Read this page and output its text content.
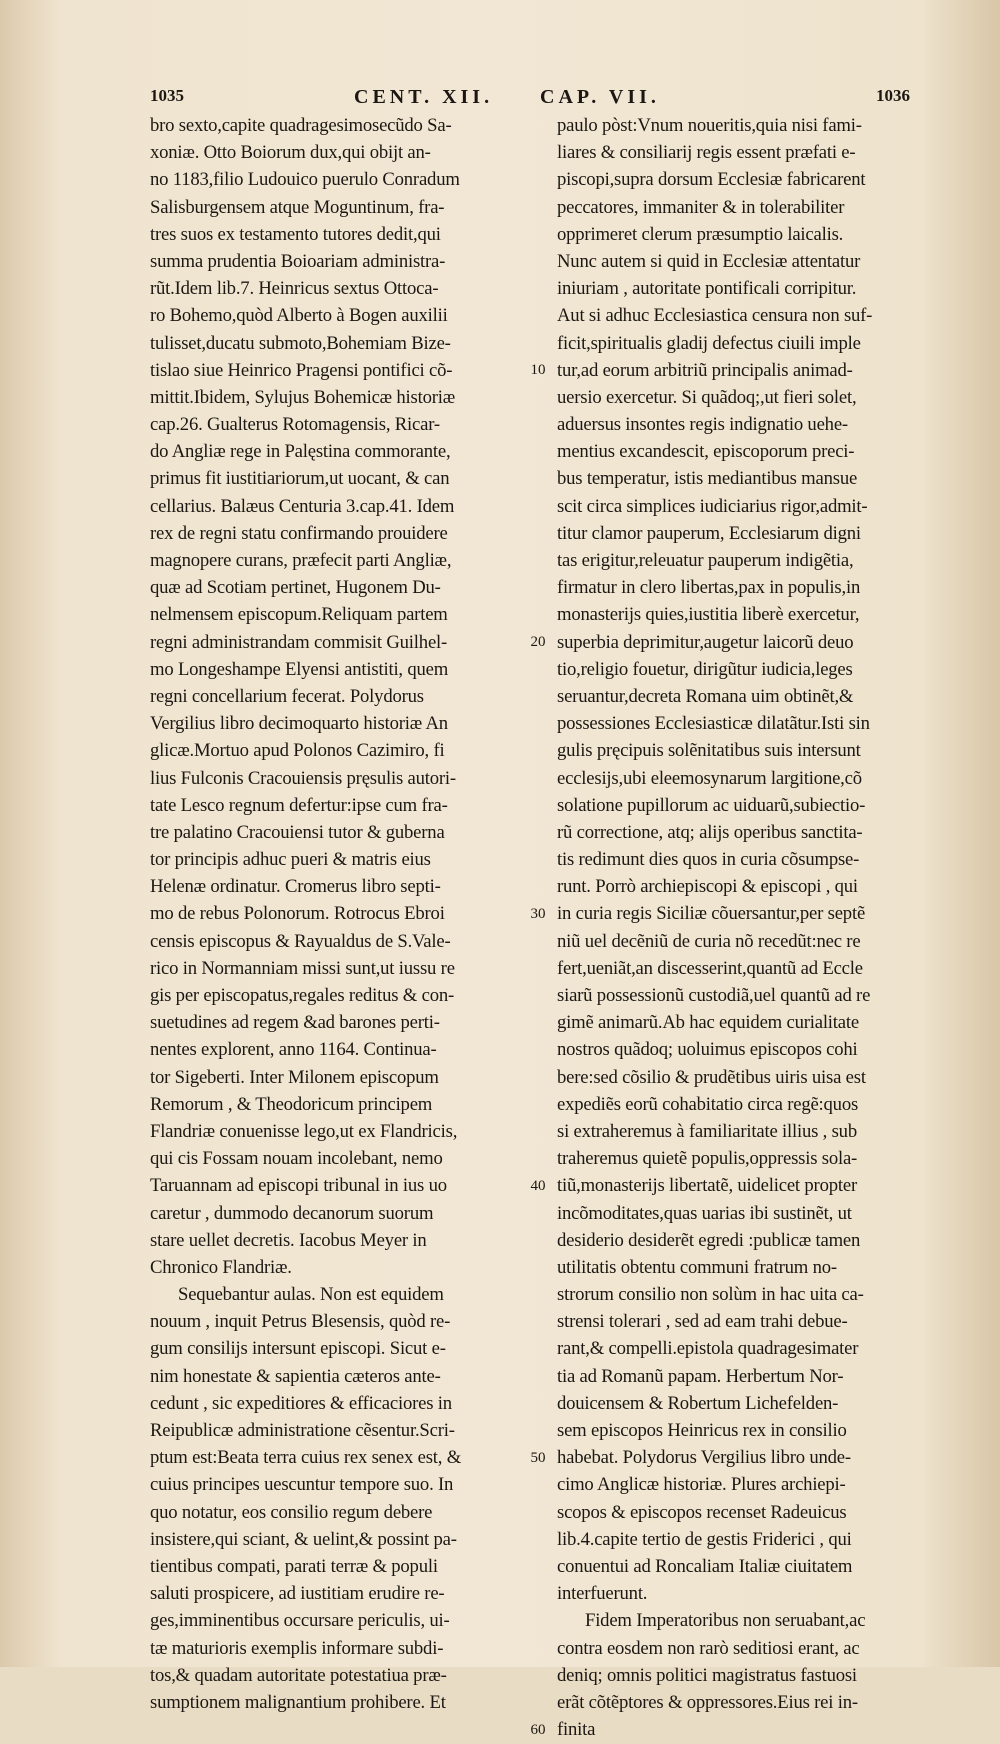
1035	CENT. XII. CAP. VII.	1036
bro sexto,capite quadragesimosecũdo Sa-
xoniæ. Otto Boiorum dux,qui obijt an-
no 1183,filio Ludouico puerulo Conradum
Salisburgensem atque Moguntinum, fra-
tres suos ex testamento tutores dedit,qui
summa prudentia Boioariam administra-
rũt.Idem lib.7. Heinricus sextus Ottoca-
ro Bohemo,quòd Alberto à Bogen auxilii
tulisset,ducatu submoto,Bohemiam Bize-
tislao siue Heinrico Pragensi pontifici cõ-
mittit.Ibidem, Sylujus Bohemicæ historiæ
cap.26. Gualterus Rotomagensis, Ricar-
do Angliæ rege in Palęstina commorante,
primus fit iustitiariorum,ut uocant, & can
cellarius. Balæus Centuria 3.cap.41. Idem
rex de regni statu confirmando prouidere
magnopere curans, præfecit parti Angliæ,
quæ ad Scotiam pertinet, Hugonem Du-
nelmensem episcopum.Reliquam partem
regni administrandam commisit Guilhel-
mo Longeshampe Elyensi antistiti, quem
regni concellarium fecerat. Polydorus
Vergilius libro decimoquarto historiæ An
glicæ.Mortuo apud Polonos Cazimiro, fi
lius Fulconis Cracouiensis pręsulis autori-
tate Lesco regnum defertur:ipse cum fra-
tre palatino Cracouiensi tutor & guberna
tor principis adhuc pueri & matris eius
Helenæ ordinatur. Cromerus libro septi-
mo de rebus Polonorum. Rotrocus Ebroi
censis episcopus & Rayualdus de S.Vale-
rico in Normanniam missi sunt,ut iussu re
gis per episcopatus,regales reditus & con-
suetudines ad regem &ad barones perti-
nentes explorent, anno 1164. Continua-
tor Sigeberti. Inter Milonem episcopum
Remorum , & Theodoricum principem
Flandriæ conuenisse lego,ut ex Flandricis,
qui cis Fossam nouam incolebant, nemo
Taruannam ad episcopi tribunal in ius uo
caretur , dummodo decanorum suorum
stare uellet decretis. Iacobus Meyer in
Chronico Flandriæ.
Sequebantur aulas. Non est equidem
nouum , inquit Petrus Blesensis, quòd re-
gum consilijs intersunt episcopi. Sicut e-
nim honestate & sapientia cæteros ante-
cedunt , sic expeditiores & efficaciores in
Reipublicæ administratione cẽsentur.Scri-
ptum est:Beata terra cuius rex senex est, &
cuius principes uescuntur tempore suo. In
quo notatur, eos consilio regum debere
insistere,qui sciant, & uelint,& possint pa-
tientibus compati, parati terræ & populi
saluti prospicere, ad iustitiam erudire re-
ges,imminentibus occursare periculis, ui-
tæ maturioris exemplis informare subdi-
tos,& quadam autoritate potestatiua præ-
sumptionem malignantium prohibere. Et
10
20
30
40
50
60
paulo pòst:Vnum noueritis,quia nisi fami-
liares & consiliarij regis essent præfati e-
piscopi,supra dorsum Ecclesiæ fabricarent
peccatores, immaniter & in tolerabiliter
opprimeret clerum præsumptio laicalis.
Nunc autem si quid in Ecclesiæ attentatur
iniuriam , autoritate pontificali corripitur.
Aut si adhuc Ecclesiastica censura non suf-
ficit,spiritualis gladij defectus ciuili imple
tur,ad eorum arbitriũ principalis animad-
uersio exercetur. Si quãdoq;,ut fieri solet,
aduersus insontes regis indignatio uehe-
mentius excandescit, episcoporum preci-
bus temperatur, istis mediantibus mansue
scit circa simplices iudiciarius rigor,admit-
titur clamor pauperum, Ecclesiarum digni
tas erigitur,releuatur pauperum indigẽtia,
firmatur in clero libertas,pax in populis,in
monasterijs quies,iustitia liberè exercetur,
superbia deprimitur,augetur laicorũ deuo
tio,religio fouetur, dirigũtur iudicia,leges
seruantur,decreta Romana uim obtinẽt,&
possessiones Ecclesiasticæ dilatãtur.Isti sin
gulis pręcipuis solẽnitatibus suis intersunt
ecclesijs,ubi eleemosynarum largitione,cõ
solatione pupillorum ac uiduarũ,subiectio-
rũ correctione, atq; alijs operibus sanctita-
tis redimunt dies quos in curia cõsumpse-
runt. Porrò archiepiscopi & episcopi , qui
in curia regis Siciliæ cõuersantur,per septẽ
niũ uel decẽniũ de curia nõ recedũt:nec re
fert,ueniãt,an discesserint,quantũ ad Eccle
siarũ possessionũ custodiã,uel quantũ ad re
gimẽ animarũ.Ab hac equidem curialitate
nostros quãdoq; uoluimus episcopos cohi
bere:sed cõsilio & prudẽtibus uiris uisa est
expediẽs eorũ cohabitatio circa regẽ:quos
si extraheremus à familiaritate illius , sub
traheremus quietẽ populis,oppressis sola-
tiũ,monasterijs libertatẽ, uidelicet propter
incõmoditates,quas uarias ibi sustinẽt, ut
desiderio desiderẽt egredi :publicæ tamen
utilitatis obtentu communi fratrum no-
strorum consilio non solùm in hac uita ca-
strensi tolerari , sed ad eam trahi debue-
rant,& compelli.epistola quadragesimater
tia ad Romanũ papam. Herbertum Nor-
douicensem & Robertum Lichefelden-
sem episcopos Heinricus rex in consilio
habebat. Polydorus Vergilius libro unde-
cimo Anglicæ historiæ. Plures archiepi-
scopos & episcopos recenset Radeuicus
lib.4.capite tertio de gestis Friderici , qui
conuentui ad Roncaliam Italiæ ciuitatem
interfuerunt.
Fidem Imperatoribus non seruabant,ac
contra eosdem non rarò seditiosi erant, ac
deniq; omnis politici magistratus fastuosi
erãt cõtẽptores & oppressores.Eius rei in-
finita
